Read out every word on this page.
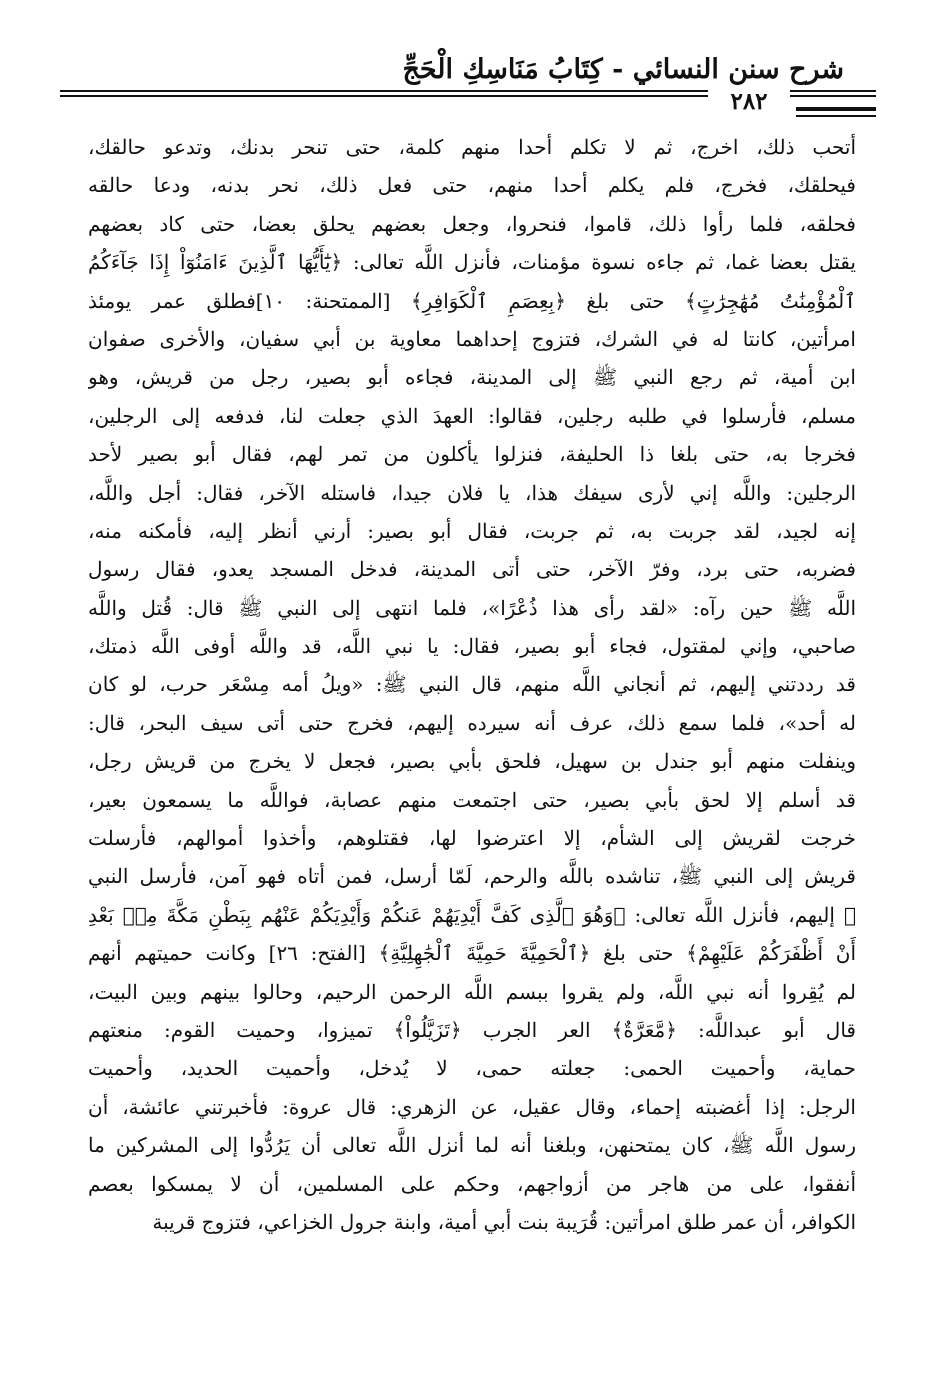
شرح سنن النسائي - كِتَابُ مَنَاسِكِ الْحَجِّ
٢٨٢
أتحب ذلك، اخرج، ثم لا تكلم أحدا منهم كلمة، حتى تنحر بدنك، وتدعو حالقك،
فيحلقك، فخرج، فلم يكلم أحدا منهم، حتى فعل ذلك، نحر بدنه، ودعا حالقه
فحلقه، فلما رأوا ذلك، قاموا، فنحروا، وجعل بعضهم يحلق بعضا، حتى كاد بعضهم
يقتل بعضا غما، ثم جاءه نسوة مؤمنات، فأنزل اللَّه تعالى: ﴿يَٰٓأَيُّهَا ٱلَّذِينَ ءَامَنُوٓاْ إِذَا جَآءَكُمُ
ٱلْمُؤْمِنَٰتُ مُهَٰجِرَٰتٍ﴾ حتى بلغ ﴿بِعِصَمِ ٱلْكَوَافِرِ﴾ [الممتحنة: ١٠]فطلق عمر يومئذ
امرأتين، كانتا له في الشرك، فتزوج إحداهما معاوية بن أبي سفيان، والأخرى صفوان
ابن أمية، ثم رجع النبي ﷺ إلى المدينة، فجاءه أبو بصير، رجل من قريش، وهو
مسلم، فأرسلوا في طلبه رجلين، فقالوا: العهدَ الذي جعلت لنا، فدفعه إلى الرجلين،
فخرجا به، حتى بلغا ذا الحليفة، فنزلوا يأكلون من تمر لهم، فقال أبو بصير لأحد
الرجلين: واللَّه إني لأرى سيفك هذا، يا فلان جيدا، فاستله الآخر، فقال: أجل واللَّه،
إنه لجيد، لقد جربت به، ثم جربت، فقال أبو بصير: أرني أنظر إليه، فأمكنه منه،
فضربه، حتى برد، وفرّ الآخر، حتى أتى المدينة، فدخل المسجد يعدو، فقال رسول
اللَّه ﷺ حين رآه: «لقد رأى هذا ذُعْرًا»، فلما انتهى إلى النبي ﷺ قال: قُتل واللَّه
صاحبي، وإني لمقتول، فجاء أبو بصير، فقال: يا نبي اللَّه، قد واللَّه أوفى اللَّه ذمتك،
قد رددتني إليهم، ثم أنجاني اللَّه منهم، قال النبي ﷺ: «ويلُ أمه مِسْعَر حرب، لو كان
له أحد»، فلما سمع ذلك، عرف أنه سيرده إليهم، فخرج حتى أتى سيف البحر، قال:
وينفلت منهم أبو جندل بن سهيل، فلحق بأبي بصير، فجعل لا يخرج من قريش رجل،
قد أسلم إلا لحق بأبي بصير، حتى اجتمعت منهم عصابة، فواللَّه ما يسمعون بعير،
خرجت لقريش إلى الشأم، إلا اعترضوا لها، فقتلوهم، وأخذوا أموالهم، فأرسلت
قريش إلى النبي ﷺ، تناشده باللَّه والرحم، لَمّا أرسل، فمن أتاه فهو آمن، فأرسل النبي
ﷺ إليهم، فأنزل اللَّه تعالى: ﴿وَهُوَ ٱلَّذِى كَفَّ أَيْدِيَهُمْ عَنكُمْ وَأَيْدِيَكُمْ عَنْهُم بِبَطْنِ مَكَّةَ مِنۢ بَعْدِ
أَنْ أَظْفَرَكُمْ عَلَيْهِمْ﴾ حتى بلغ ﴿ٱلْحَمِيَّةَ حَمِيَّةَ ٱلْجَٰهِلِيَّةِ﴾ [الفتح: ٢٦] وكانت حميتهم أنهم
لم يُقِروا أنه نبي اللَّه، ولم يقروا ببسم اللَّه الرحمن الرحيم، وحالوا بينهم وبين البيت،
قال أبو عبداللَّه: ﴿مَّعَرَّةٌ﴾ العر الجرب ﴿تَزَيَّلُواْ﴾ تميزوا، وحميت القوم: منعتهم
حماية، وأحميت الحمى: جعلته حمى، لا يُدخل، وأحميت الحديد، وأحميت
الرجل: إذا أغضبته إحماء، وقال عقيل، عن الزهري: قال عروة: فأخبرتني عائشة، أن
رسول اللَّه ﷺ، كان يمتحنهن، وبلغنا أنه لما أنزل اللَّه تعالى أن يَرُدُّوا إلى المشركين ما
أنفقوا، على من هاجر من أزواجهم، وحكم على المسلمين، أن لا يمسكوا بعصم
الكوافر، أن عمر طلق امرأتين: قُرَيبة بنت أبي أمية، وابنة جرول الخزاعي، فتزوج قريبة
